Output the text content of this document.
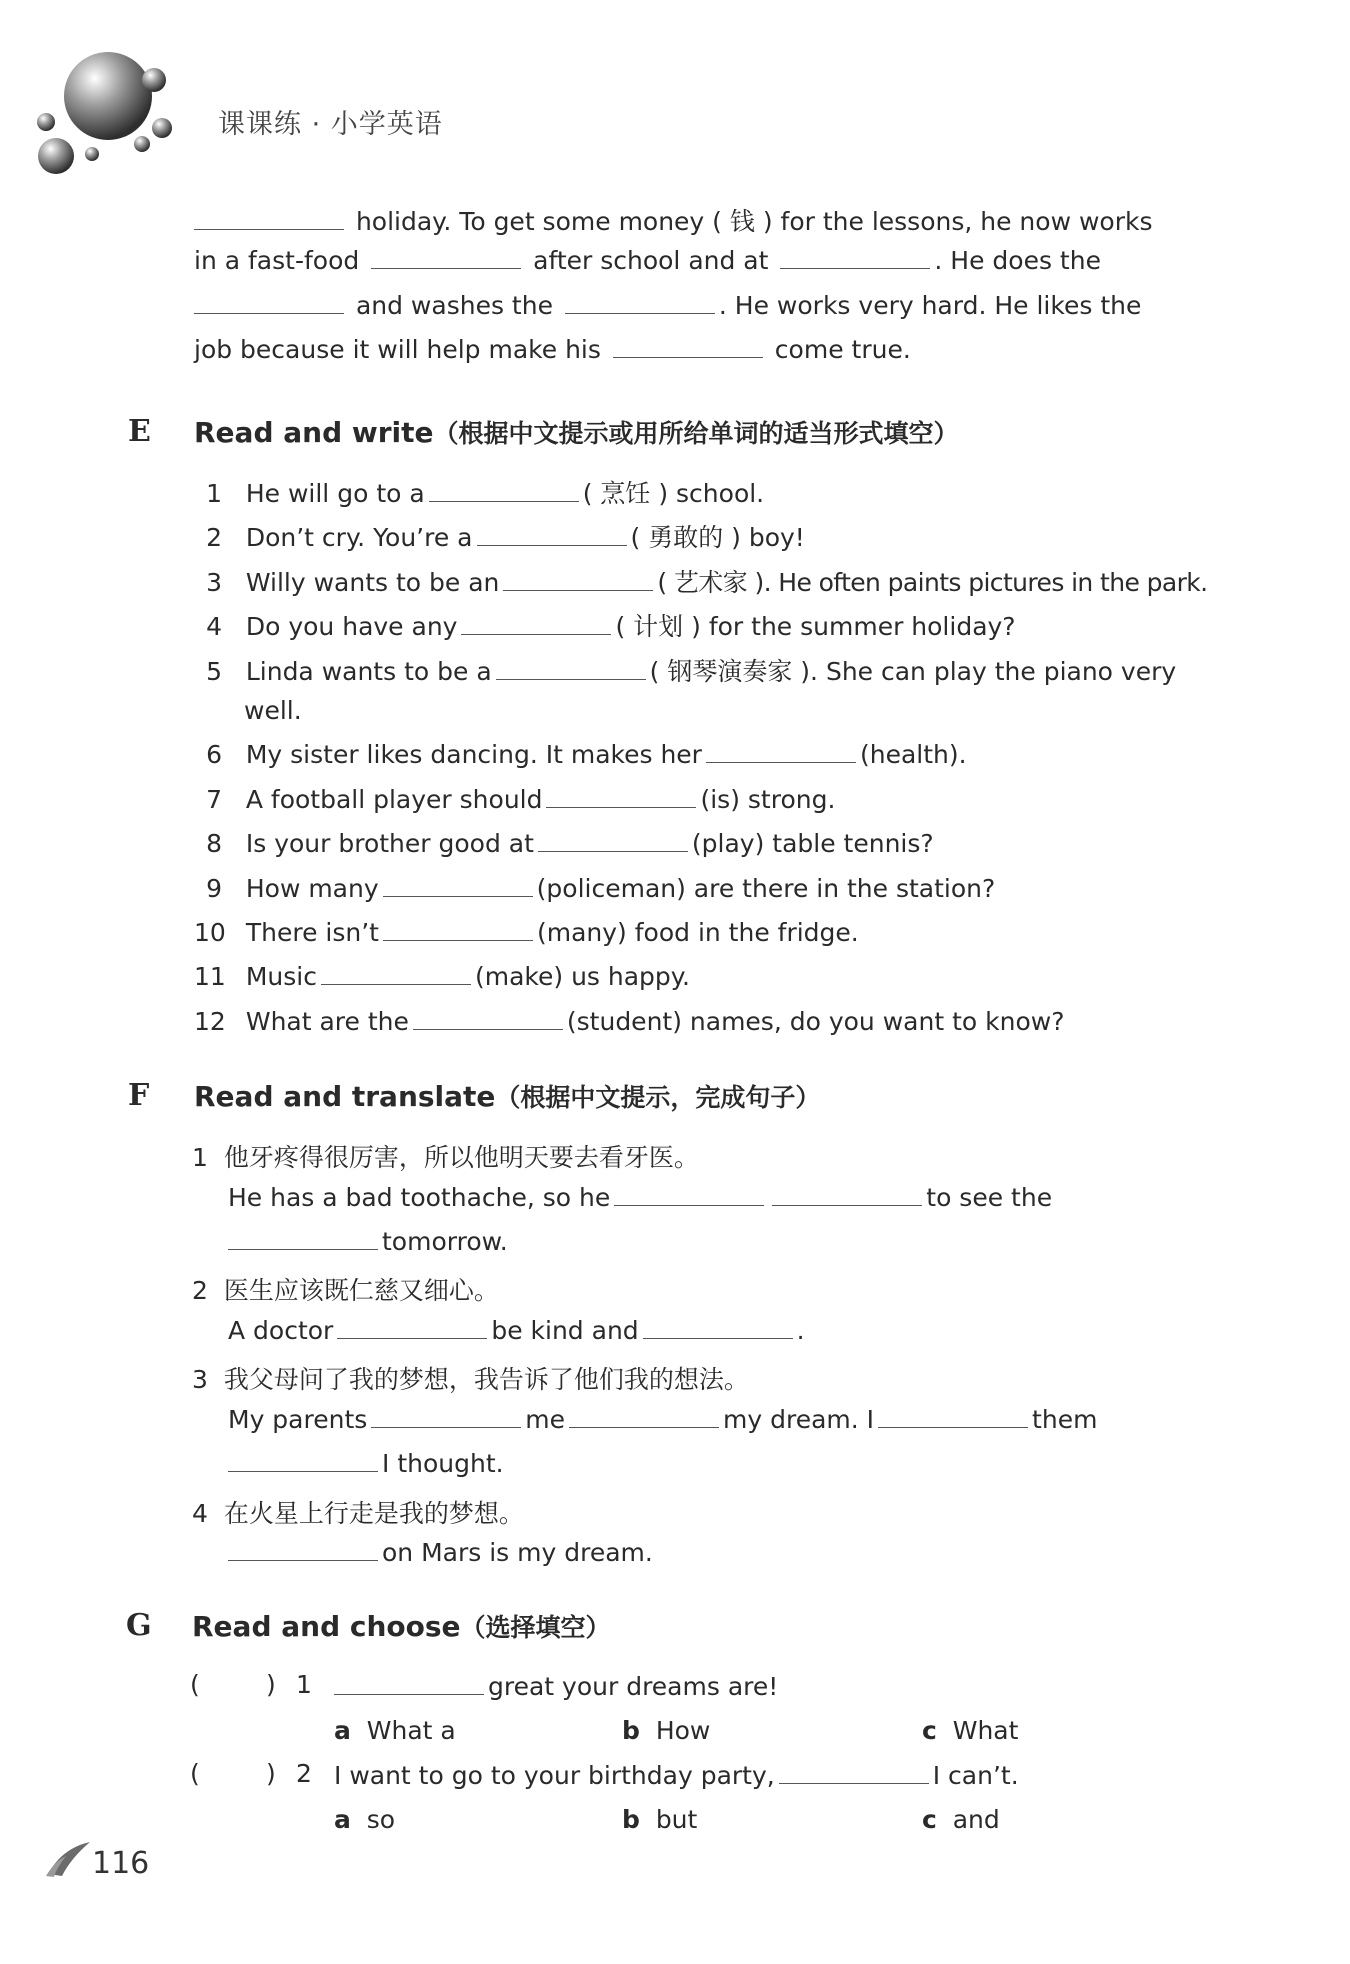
课课练 · 小学英语
holiday. To get some money ( 钱 ) for the lessons, he now works
in a fast-food	after school and at	. He does the
and washes the	. He works very hard. He likes the
job because it will help make his	come true.
E Read and write（根据中文提示或用所给单词的适当形式填空）
1 He will go to a	( 烹饪 ) school.
2 Don’t cry. You’re a	( 勇敢的 ) boy!
3 Willy wants to be an	( 艺术家 ). He often paints pictures in the park.
4 Do you have any	( 计划 ) for the summer holiday?
5 Linda wants to be a	( 钢琴演奏家 ). She can play the piano very
well.
6 My sister likes dancing. It makes her	(health).
7 A football player should	(is) strong.
8 Is your brother good at	(play) table tennis?
9 How many	(policeman) are there in the station?
10 There isn’t	(many) food in the fridge.
11 Music	(make) us happy.
12 What are the	(student) names, do you want to know?
F Read and translate（根据中文提示，完成句子）
1 他牙疼得很厉害，所以他明天要去看牙医。
He has a bad toothache, so he	to see the
tomorrow.
2 医生应该既仁慈又细心。
A doctor	be kind and	.
3 我父母问了我的梦想，我告诉了他们我的想法。
My parents	me	my dream. I	them
I thought.
4 在火星上行走是我的梦想。
on Mars is my dream.
G Read and choose（选择填空）
(	) 1	great your dreams are!
a What a	b How	c What
(	) 2 I want to go to your birthday party,	I can’t.
a so	b but	c and
116
